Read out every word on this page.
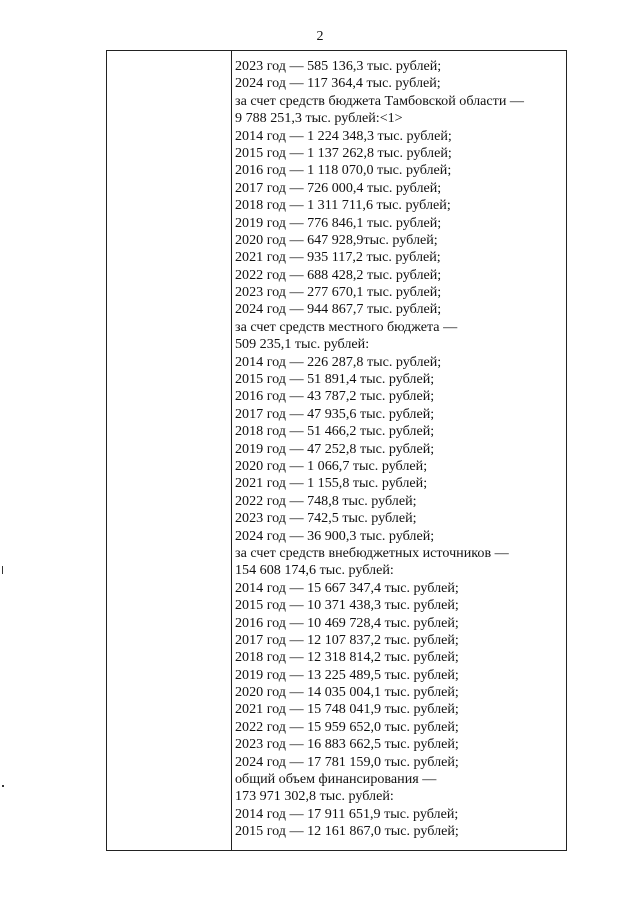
2
2023 год — 585 136,3 тыс. рублей;
2024 год — 117 364,4 тыс. рублей;
за счет средств бюджета Тамбовской области —
9 788 251,3 тыс. рублей:<1>
2014 год — 1 224 348,3 тыс. рублей;
2015 год — 1 137 262,8 тыс. рублей;
2016 год — 1 118 070,0 тыс. рублей;
2017 год — 726 000,4 тыс. рублей;
2018 год — 1 311 711,6 тыс. рублей;
2019 год — 776 846,1 тыс. рублей;
2020 год — 647 928,9тыс. рублей;
2021 год — 935 117,2 тыс. рублей;
2022 год — 688 428,2 тыс. рублей;
2023 год — 277 670,1 тыс. рублей;
2024 год — 944 867,7 тыс. рублей;
за счет средств местного бюджета —
509 235,1 тыс. рублей:
2014 год — 226 287,8 тыс. рублей;
2015 год — 51 891,4 тыс. рублей;
2016 год — 43 787,2 тыс. рублей;
2017 год — 47 935,6 тыс. рублей;
2018 год — 51 466,2 тыс. рублей;
2019 год — 47 252,8 тыс. рублей;
2020 год — 1 066,7 тыс. рублей;
2021 год — 1 155,8 тыс. рублей;
2022 год — 748,8 тыс. рублей;
2023 год — 742,5 тыс. рублей;
2024 год — 36 900,3 тыс. рублей;
за счет средств внебюджетных источников —
154 608 174,6 тыс. рублей:
2014 год — 15 667 347,4 тыс. рублей;
2015 год — 10 371 438,3 тыс. рублей;
2016 год — 10 469 728,4 тыс. рублей;
2017 год — 12 107 837,2 тыс. рублей;
2018 год — 12 318 814,2 тыс. рублей;
2019 год — 13 225 489,5 тыс. рублей;
2020 год — 14 035 004,1 тыс. рублей;
2021 год — 15 748 041,9 тыс. рублей;
2022 год — 15 959 652,0 тыс. рублей;
2023 год — 16 883 662,5 тыс. рублей;
2024 год — 17 781 159,0 тыс. рублей;
общий объем финансирования —
173 971 302,8 тыс. рублей:
2014 год — 17 911 651,9 тыс. рублей;
2015 год — 12 161 867,0 тыс. рублей;
